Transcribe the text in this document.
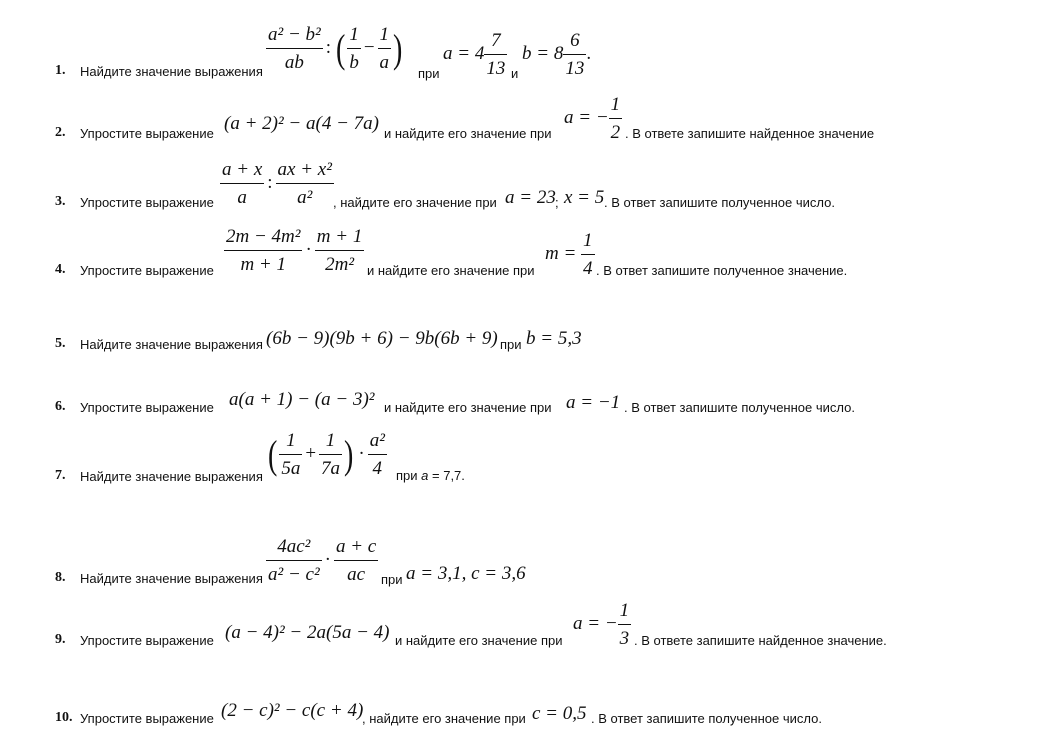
1. Найдите значение выражения $\frac{\text{a² − b²}}{ab}$ : ( $\frac{1}{b} - \frac{1}{a}$ )
при
$a = 4 \frac{7}{13}$ и
$b = 8 \frac{6}{13}$ .
2. Упростите выражение (a + 2)² − a(4 − 7a) и найдите его значение при
a = − $\frac{1}{2}$ . В ответе запишите найденное значение
3. Упростите выражение $\frac{a + x}{a}$ : $\frac{\text{ax + x²}}{\text{a²}}$ , найдите его значение при a = 23 ; x = 5 . В ответ запишите полученное число.
4. Упростите выражение $\frac{\text{2m − 4m²}}{m + 1} \cdot \frac{m + 1}{\text{2m²}}$ и найдите его значение при
$m = \frac{1}{4}$ . В ответ запишите полученное значение.
5. Найдите значение выражения (6b − 9)(9b + 6) − 9b(6b + 9) при b = 5,3
6. Упростите выражение a(a + 1) − (a − 3)² и найдите его значение при a = −1 . В ответ запишите полученное число.
7. Найдите значение выражения ( $\frac{1}{5a} + \frac{1}{7a}$ ) · $\frac{\text{a²}}{4}$ при a = 7,7.
8. Найдите значение выражения $\frac{\text{4ac²}}{\text{a² − c²}} \cdot \frac{a + c}{ac}$ при a = 3,1, c = 3,6
9. Упростите выражение (a − 4)² − 2a(5a − 4) и найдите его значение при
a = − $\frac{1}{3}$ . В ответе запишите найденное значение.
10. Упростите выражение (2 − c)² − c(c + 4)
, найдите его значение при c = 0,5 . В ответ запишите полученное число.
